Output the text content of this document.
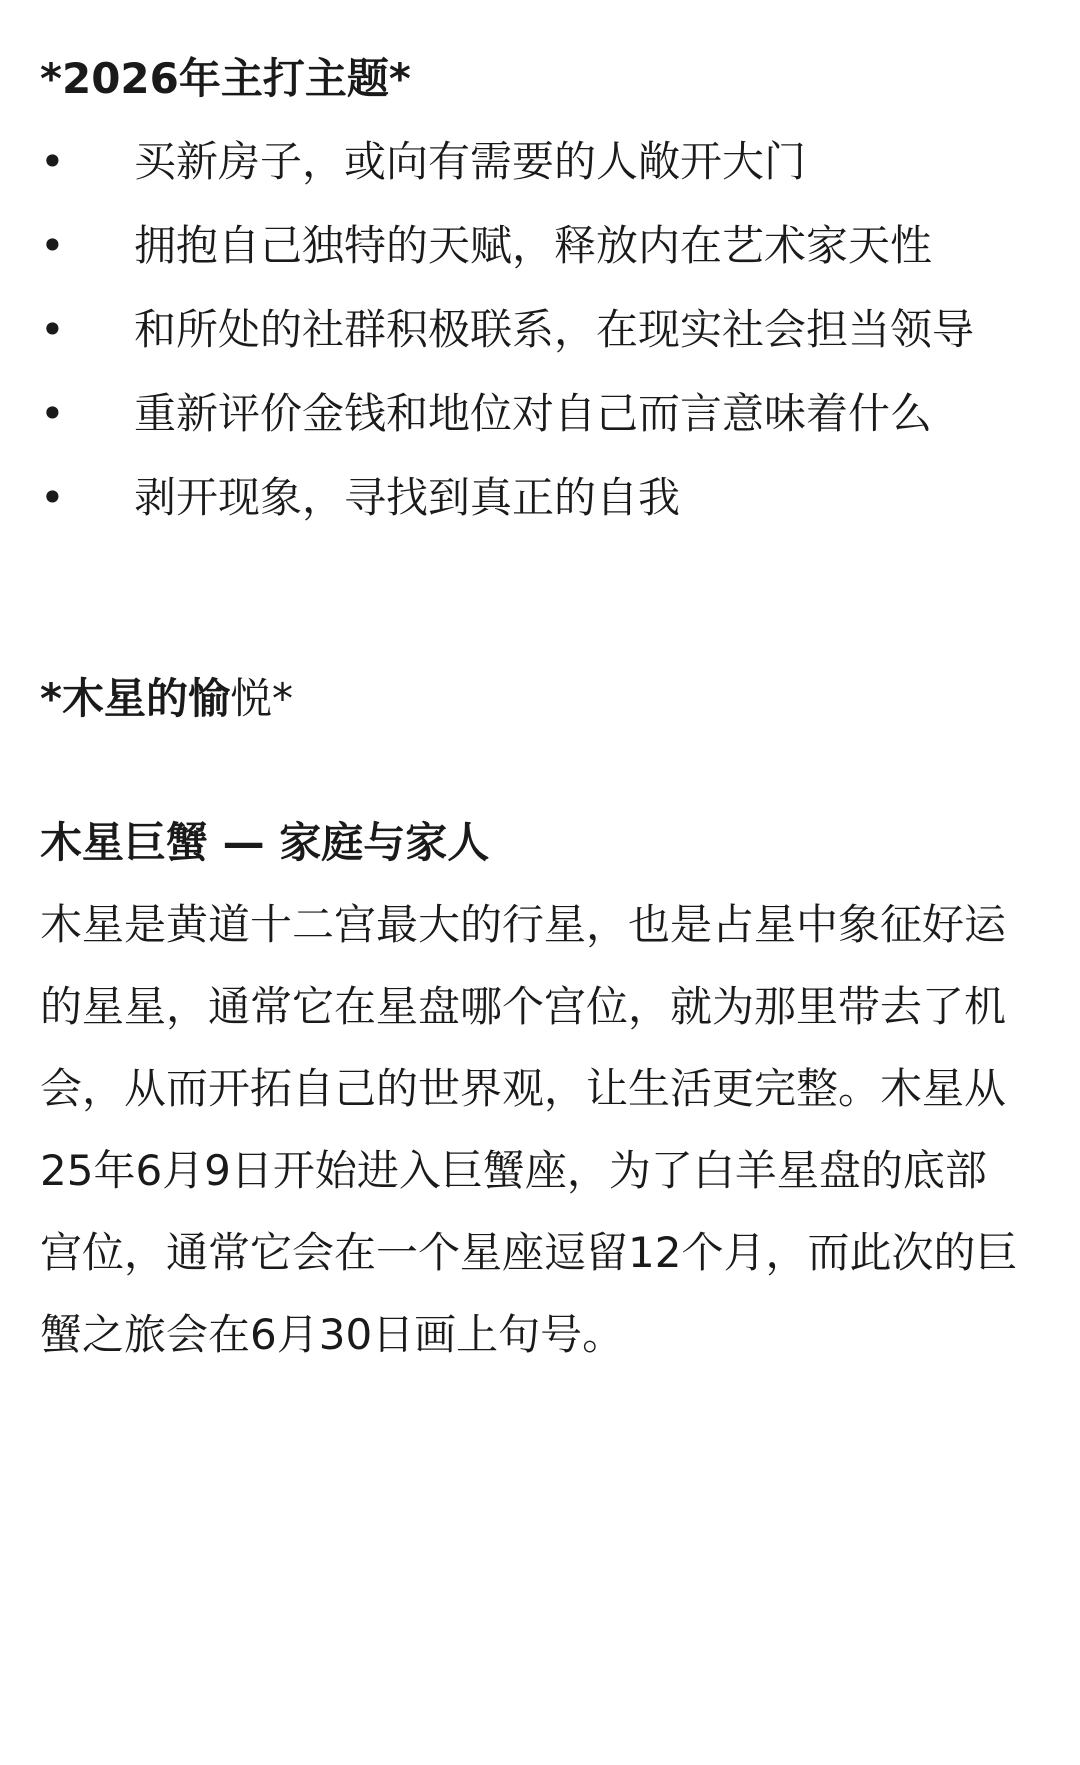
*2026年主打主题*
• 买新房子，或向有需要的人敞开大门
• 拥抱自己独特的天赋，释放内在艺术家天性
• 和所处的社群积极联系，在现实社会担当领导
• 重新评价金钱和地位对自己而言意味着什么
• 剥开现象，寻找到真正的自我
*木星的愉悦*
木星巨蟹 — 家庭与家人

木星是黄道十二宫最大的行星，也是占星中象征好运的星星，通常它在星盘哪个宫位，就为那里带去了机会，从而开拓自己的世界观，让生活更完整。木星从25年6月9日开始进入巨蟹座，为了白羊星盘的底部宫位，通常它会在一个星座逗留12个月，而此次的巨蟹之旅会在6月30日画上句号。
